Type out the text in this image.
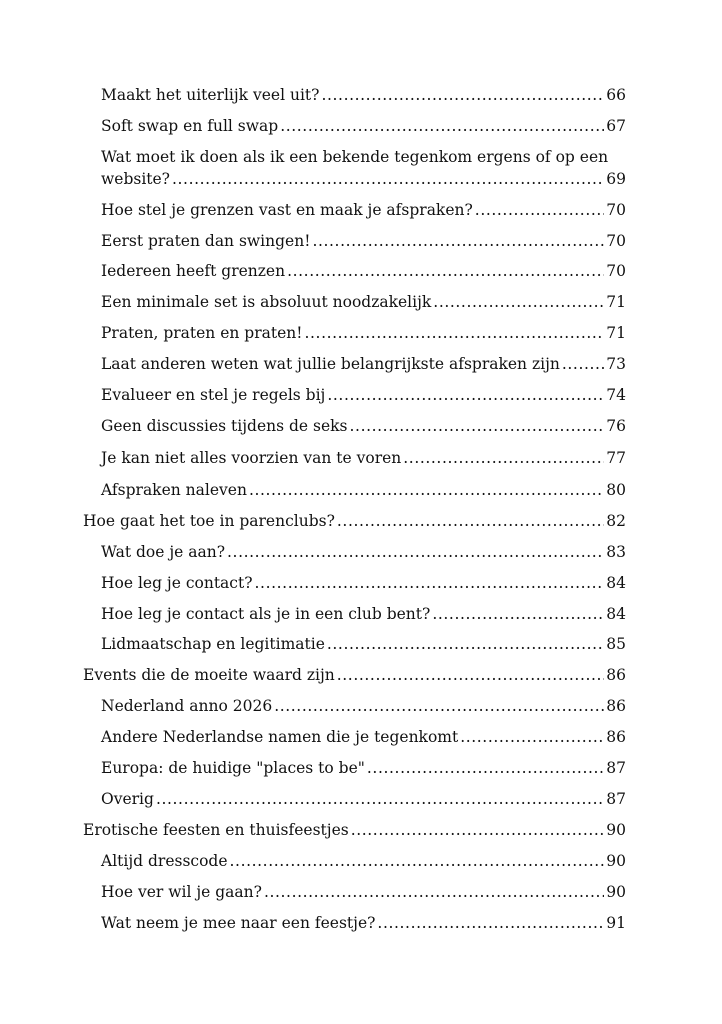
Maakt het uiterlijk veel uit? .....	66
Soft swap en full swap .....	67
Wat moet ik doen als ik een bekende tegenkom ergens of op een
website? .....	69
Hoe stel je grenzen vast en maak je afspraken? .....	70
Eerst praten dan swingen! .....	70
Iedereen heeft grenzen .....	70
Een minimale set is absoluut noodzakelijk .....	71
Praten, praten en praten! .....	71
Laat anderen weten wat jullie belangrijkste afspraken zijn .....	73
Evalueer en stel je regels bij .....	74
Geen discussies tijdens de seks .....	76
Je kan niet alles voorzien van te voren .....	77
Afspraken naleven .....	80
Hoe gaat het toe in parenclubs? .....	82
Wat doe je aan? .....	83
Hoe leg je contact? .....	84
Hoe leg je contact als je in een club bent? .....	84
Lidmaatschap en legitimatie .....	85
Events die de moeite waard zijn .....	86
Nederland anno 2026 .....	86
Andere Nederlandse namen die je tegenkomt .....	86
Europa: de huidige "places to be" .....	87
Overig .....	87
Erotische feesten en thuisfeestjes .....	90
Altijd dresscode .....	90
Hoe ver wil je gaan? .....	90
Wat neem je mee naar een feestje? .....	91
